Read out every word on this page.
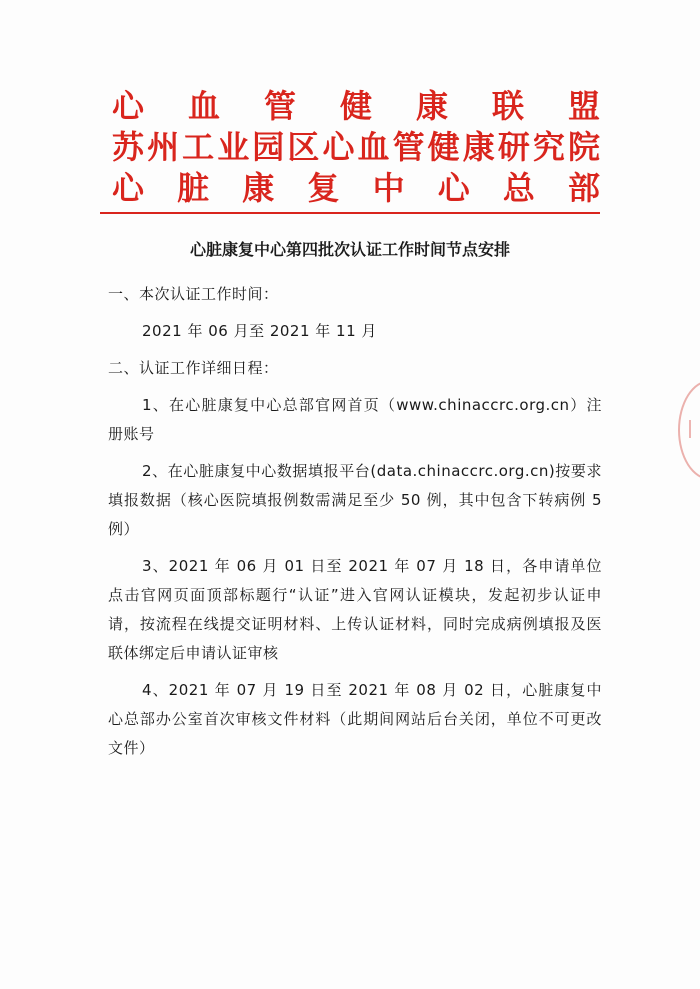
心 血 管 健 康 联 盟
苏州工业园区心血管健康研究院
心 脏 康 复 中 心 总 部
心脏康复中心第四批次认证工作时间节点安排

一、本次认证工作时间：

2021 年 06 月至 2021 年 11 月

二、认证工作详细日程：

1、在心脏康复中心总部官网首页（www.chinaccrc.org.cn）注册账号

2、在心脏康复中心数据填报平台(data.chinaccrc.org.cn)按要求填报数据（核心医院填报例数需满足至少 50 例，其中包含下转病例 5 例）

3、2021 年 06 月 01 日至 2021 年 07 月 18 日，各申请单位点击官网页面顶部标题行“认证”进入官网认证模块，发起初步认证申请，按流程在线提交证明材料、上传认证材料，同时完成病例填报及医联体绑定后申请认证审核

4、2021 年 07 月 19 日至 2021 年 08 月 02 日，心脏康复中心总部办公室首次审核文件材料（此期间网站后台关闭，单位不可更改文件）
